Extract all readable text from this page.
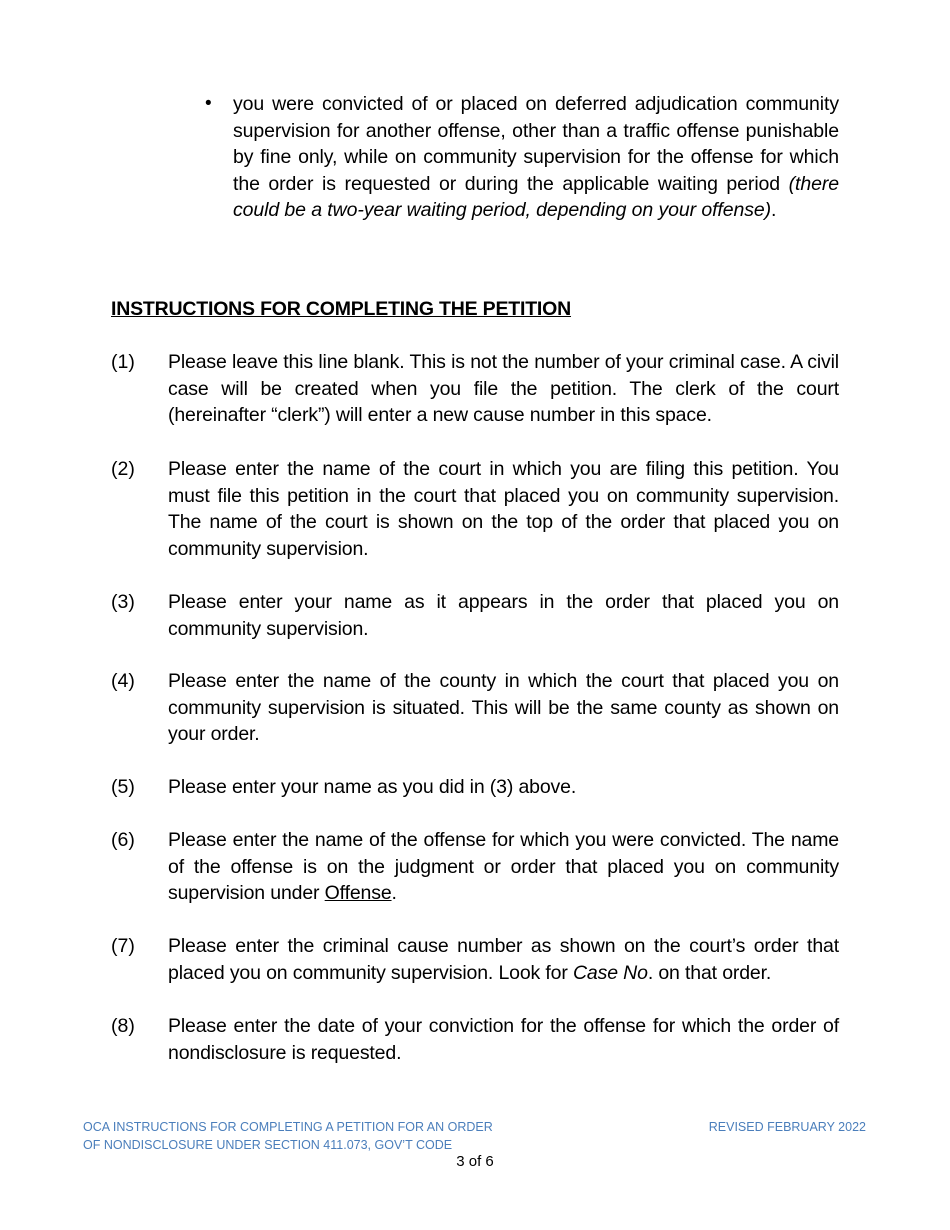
• you were convicted of or placed on deferred adjudication community supervision for another offense, other than a traffic offense punishable by fine only, while on community supervision for the offense for which the order is requested or during the applicable waiting period (there could be a two-year waiting period, depending on your offense).
INSTRUCTIONS FOR COMPLETING THE PETITION
(1) Please leave this line blank. This is not the number of your criminal case. A civil case will be created when you file the petition. The clerk of the court (hereinafter “clerk”) will enter a new cause number in this space.
(2) Please enter the name of the court in which you are filing this petition. You must file this petition in the court that placed you on community supervision. The name of the court is shown on the top of the order that placed you on community supervision.
(3) Please enter your name as it appears in the order that placed you on community supervision.
(4) Please enter the name of the county in which the court that placed you on community supervision is situated. This will be the same county as shown on your order.
(5) Please enter your name as you did in (3) above.
(6) Please enter the name of the offense for which you were convicted. The name of the offense is on the judgment or order that placed you on community supervision under Offense.
(7) Please enter the criminal cause number as shown on the court’s order that placed you on community supervision. Look for Case No. on that order.
(8) Please enter the date of your conviction for the offense for which the order of nondisclosure is requested.
OCA INSTRUCTIONS FOR COMPLETING A PETITION FOR AN ORDER
OF NONDISCLOSURE UNDER SECTION 411.073, GOV’T CODE
REVISED FEBRUARY 2022
3 of 6
